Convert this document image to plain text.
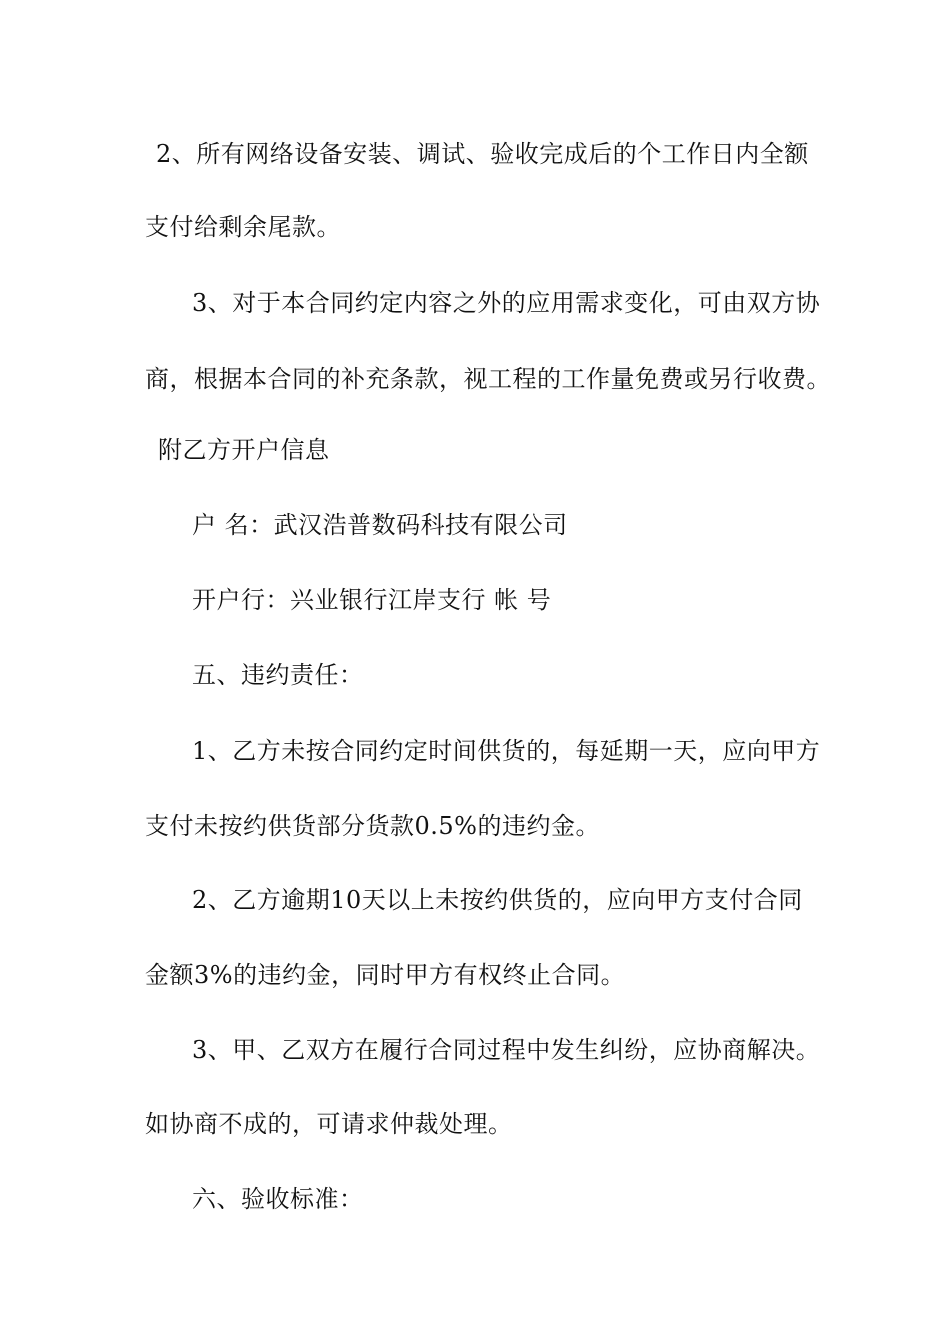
2、所有网络设备安装、调试、验收完成后的个工作日内全额
支付给剩余尾款。
3、对于本合同约定内容之外的应用需求变化，可由双方协
商，根据本合同的补充条款，视工程的工作量免费或另行收费。
附乙方开户信息
户 名：武汉浩普数码科技有限公司
开户行：兴业银行江岸支行 帐 号
五、违约责任：
1、乙方未按合同约定时间供货的，每延期一天，应向甲方
支付未按约供货部分货款0.5%的违约金。
2、乙方逾期10天以上未按约供货的，应向甲方支付合同
金额3%的违约金，同时甲方有权终止合同。
3、甲、乙双方在履行合同过程中发生纠纷，应协商解决。
如协商不成的，可请求仲裁处理。
六、验收标准：
